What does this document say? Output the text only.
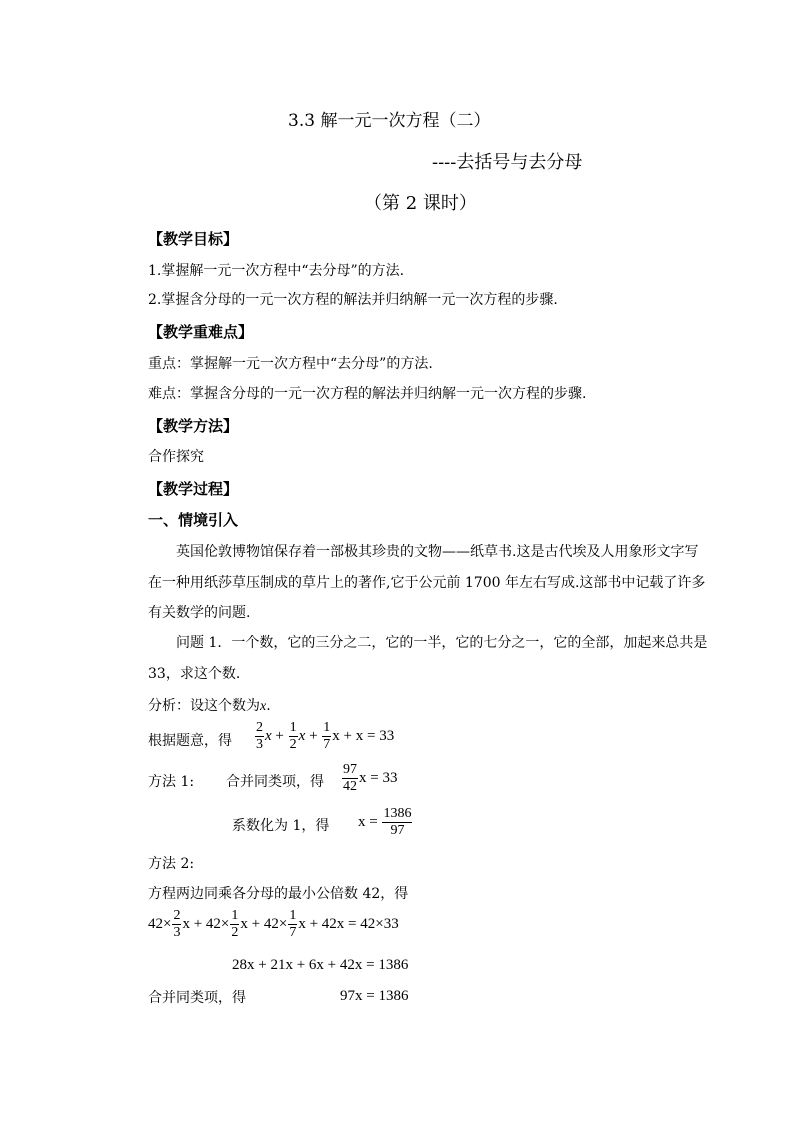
3.3 解一元一次方程（二）
----去括号与去分母
（第 2 课时）
【教学目标】
1.掌握解一元一次方程中“去分母”的方法.
2.掌握含分母的一元一次方程的解法并归纳解一元一次方程的步骤.
【教学重难点】
重点：掌握解一元一次方程中“去分母”的方法.
难点：掌握含分母的一元一次方程的解法并归纳解一元一次方程的步骤.
【教学方法】
合作探究
【教学过程】
一、情境引入
英国伦敦博物馆保存着一部极其珍贵的文物——纸草书.这是古代埃及人用象形文字写
在一种用纸莎草压制成的草片上的著作,它于公元前 1700 年左右写成.这部书中记载了许多
有关数学的问题.
问题 1．一个数，它的三分之二，它的一半，它的七分之一，它的全部，加起来总共是
33，求这个数.
分析：设这个数为x.
根据题意，得 $\frac{2}{3}$ $x + \frac{1}{2}$ $x + \frac{1}{7}$ x + x = 33
方法 1: 合并同类项，得 $\frac{97}{42}$ x = 33
系数化为 1，得 $x = \frac{1386}{97}$
方法 2:
方程两边同乘各分母的最小公倍数 42，得
$42\times \frac{2}{3}$ $x + 42\times \frac{1}{2}$ $x + 42\times \frac{1}{7}$ x + 42x = 42×33
28x + 21x + 6x + 42x = 1386
合并同类项，得	97x = 1386
